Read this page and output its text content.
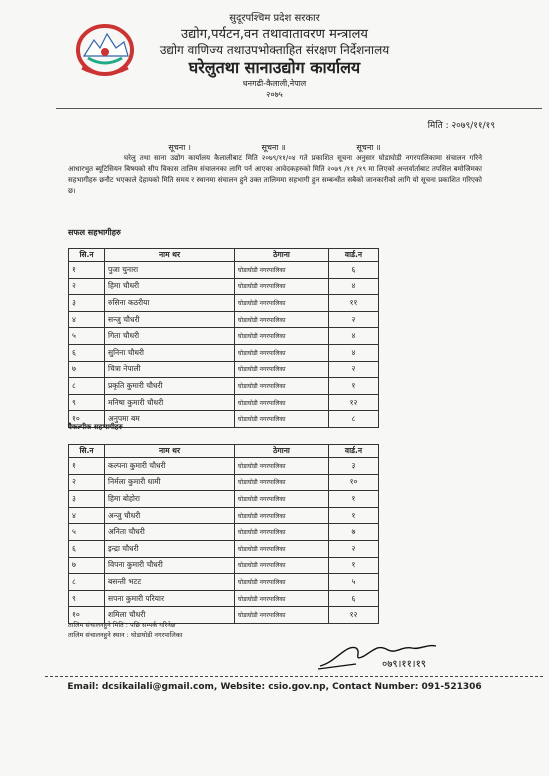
सुदूरपश्चिम प्रदेश सरकार
उद्योग,पर्यटन,वन तथावातावरण मन्त्रालय
उद्योग वाणिज्य तथाउपभोक्ताहित संरक्षण निर्देशनालय
घरेलुतथा सानाउद्योग कार्यालय
धनगढी-कैलाली,नेपाल
२०७५
मिति : २०७९/११/१९
सूचना ।	सूचना ॥	सूचना ॥
घरेलु तथा साना उद्योग कार्यालय कैलालीबाट मिति २०७९/११/०४ गते प्रकाशित सूचना अनुसार घोडाघोडी नगरपालिकामा संचालन गरिने आधारभुत ब्यूटिसियन बिषयको सीप विकास तालिम संचालनका लागि पर्न आएका आवेदकहरुको मिति २०७९ /११ /१९ मा लिएको अन्तर्वार्ताबाट तपसिल बमोजिमका सहभागीहरु छनौट भएकाले देहायको मिति समय र स्थानमा संचालन हुने उक्त तालिममा सहभागी हुन सम्बन्धीत सबैको जानकारीको लागि यो सूचना प्रकाशित गरिएको छ।
सफल सहभागीहरु
सि.न	नाम थर	ठेगाना	वार्ड.न
१	पुजा चुनारा	घोडाघोडी नगरपालिका	६
२	हिमा चौधरी	घोडाघोडी नगरपालिका	४
३	रुसिना कठरीया	घोडाघोडी नगरपालिका	११
४	सन्जु चौधरी	घोडाघोडी नगरपालिका	२
५	गिता चौधरी	घोडाघोडी नगरपालिका	४
६	सुनिना चौधरी	घोडाघोडी नगरपालिका	४
७	चित्रा नेपाली	घोडाघोडी नगरपालिका	२
८	प्रकृति कुमारी चौधरी	घोडाघोडी नगरपालिका	१
९	मनिषा कुमारी चौधरी	घोडाघोडी नगरपालिका	१२
१०	अनुपमा बम	घोडाघोडी नगरपालिका	८
वैकल्पीक सहभागीहरु
सि.न	नाम थर	ठेगाना	वार्ड.न
१	कल्पना कुमारी चौधरी	घोडाघोडी नगरपालिका	३
२	निर्मला कुमारी धामी	घोडाघोडी नगरपालिका	१०
३	हिमा बोहोरा	घोडाघोडी नगरपालिका	१
४	अन्जु चौधरी	घोडाघोडी नगरपालिका	१
५	अनिता चौधरी	घोडाघोडी नगरपालिका	७
६	इन्द्रा चौधरी	घोडाघोडी नगरपालिका	२
७	विपना कुमारी चौधरी	घोडाघोडी नगरपालिका	१
८	बसन्ती भटट	घोडाघोडी नगरपालिका	५
९	सपना कुमारी परियार	घोडाघोडी नगरपालिका	६
१०	शमिला चौधरी	घोडाघोडी नगरपालिका	१२
तालिम संचालनहुने मिति : पछि सम्पर्क गरिनेछ
तालिम संचालनहुने स्थान : घोडाघोडी नगरपालिका
०७९।११।१९
Email: dcsikailali@gmail.com, Website: csio.gov.np, Contact Number: 091-521306
